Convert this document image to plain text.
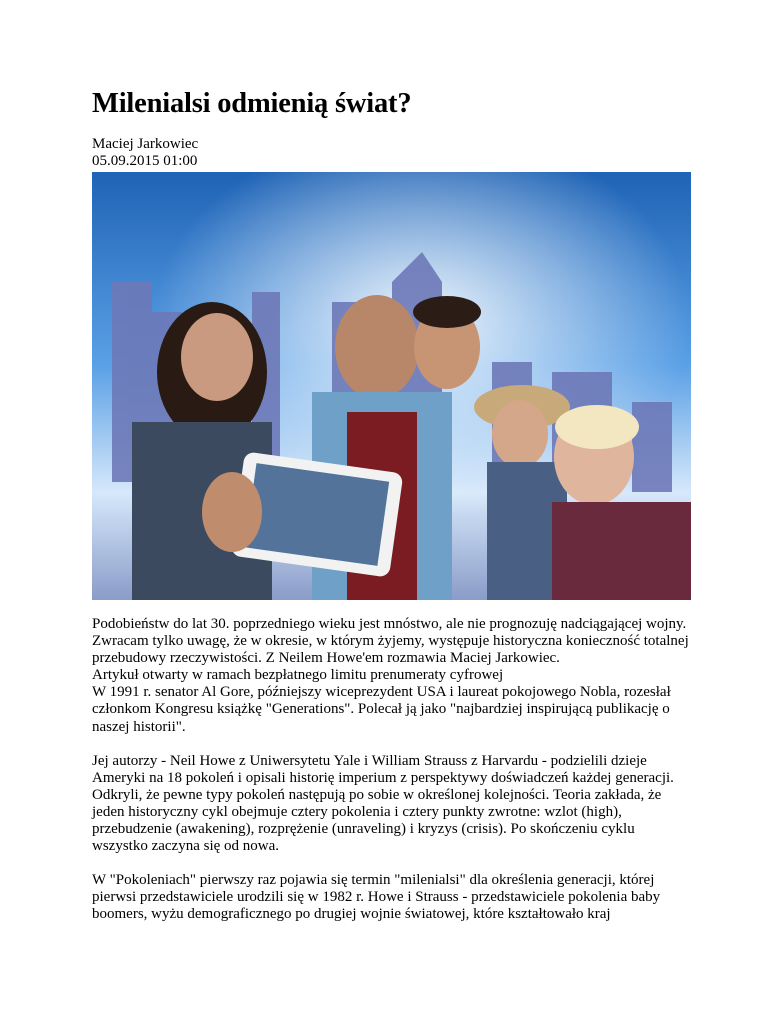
Milenialsi odmienią świat?
Maciej Jarkowiec
05.09.2015 01:00

Podobieństw do lat 30. poprzedniego wieku jest mnóstwo, ale nie prognozuję nadciągającej wojny. Zwracam tylko uwagę, że w okresie, w którym żyjemy, występuje historyczna konieczność totalnej przebudowy rzeczywistości. Z Neilem Howe'em rozmawia Maciej Jarkowiec.

Artykuł otwarty w ramach bezpłatnego limitu prenumeraty cyfrowej

W 1991 r. senator Al Gore, późniejszy wiceprezydent USA i laureat pokojowego Nobla, rozesłał członkom Kongresu książkę "Generations". Polecał ją jako "najbardziej inspirującą publikację o naszej historii".

Jej autorzy - Neil Howe z Uniwersytetu Yale i William Strauss z Harvardu - podzielili dzieje Ameryki na 18 pokoleń i opisali historię imperium z perspektywy doświadczeń każdej generacji. Odkryli, że pewne typy pokoleń następują po sobie w określonej kolejności. Teoria zakłada, że jeden historyczny cykl obejmuje cztery pokolenia i cztery punkty zwrotne: wzlot (high), przebudzenie (awakening), rozprężenie (unraveling) i kryzys (crisis). Po skończeniu cyklu wszystko zaczyna się od nowa.

W "Pokoleniach" pierwszy raz pojawia się termin "milenialsi" dla określenia generacji, której pierwsi przedstawiciele urodzili się w 1982 r. Howe i Strauss - przedstawiciele pokolenia baby boomers, wyżu demograficznego po drugiej wojnie światowej, które kształtowało kraj
